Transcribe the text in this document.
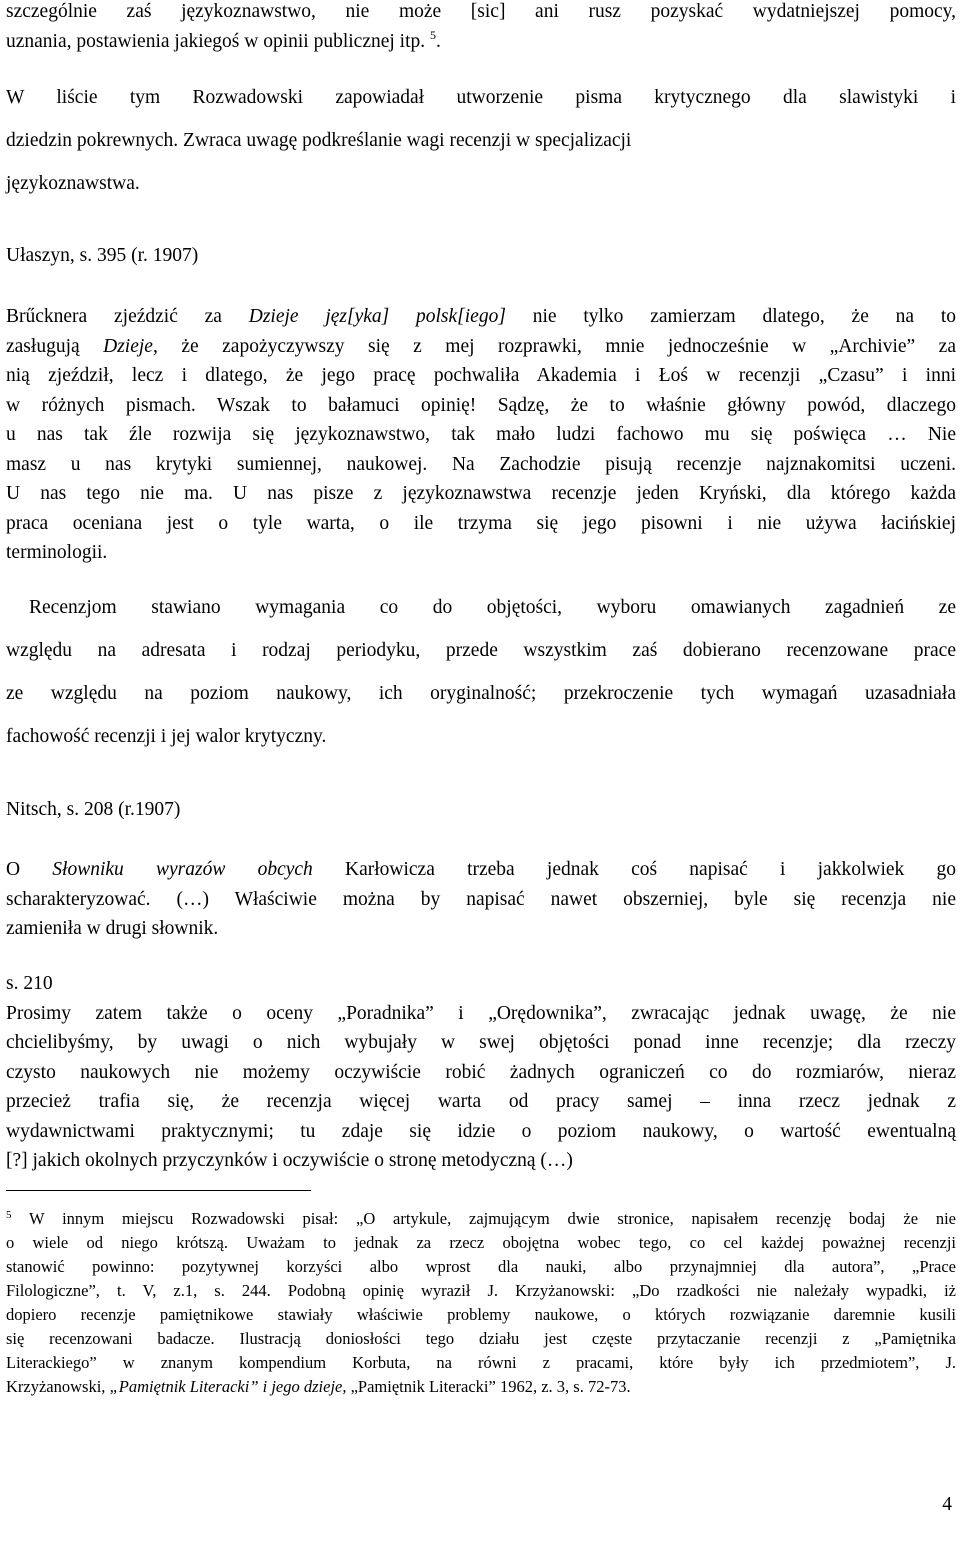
szczególnie zaś językoznawstwo, nie może [sic] ani rusz pozyskać wydatniejszej pomocy,
uznania, postawienia jakiegoś w opinii publicznej itp. $^5$.

W liście tym Rozwadowski zapowiadał utworzenie pisma krytycznego dla slawistyki i
dziedzin pokrewnych. Zwraca uwagę podkreślanie wagi recenzji w specjalizacji
językoznawstwa.

Ułaszyn, s. 395 (r. 1907)

Brűcknera zjeździć za Dzieje jęz[yka] polsk[iego] nie tylko zamierzam dlatego, że na to
zasługują Dzieje, że zapożyczywszy się z mej rozprawki, mnie jednocześnie w „Archivie” za
nią zjeździł, lecz i dlatego, że jego pracę pochwaliła Akademia i Łoś w recenzji „Czasu” i inni
w różnych pismach. Wszak to bałamuci opinię! Sądzę, że to właśnie główny powód, dlaczego
u nas tak źle rozwija się językoznawstwo, tak mało ludzi fachowo mu się poświęca … Nie
masz u nas krytyki sumiennej, naukowej. Na Zachodzie pisują recenzje najznakomitsi uczeni.
U nas tego nie ma. U nas pisze z językoznawstwa recenzje jeden Kryński, dla którego każda
praca oceniana jest o tyle warta, o ile trzyma się jego pisowni i nie używa łacińskiej
terminologii.

Recenzjom stawiano wymagania co do objętości, wyboru omawianych zagadnień ze
względu na adresata i rodzaj periodyku, przede wszystkim zaś dobierano recenzowane prace
ze względu na poziom naukowy, ich oryginalność; przekroczenie tych wymagań uzasadniała
fachowość recenzji i jej walor krytyczny.

Nitsch, s. 208 (r.1907)

O Słowniku wyrazów obcych Karłowicza trzeba jednak coś napisać i jakkolwiek go
scharakteryzować. (…) Właściwie można by napisać nawet obszerniej, byle się recenzja nie
zamieniła w drugi słownik.

s. 210
Prosimy zatem także o oceny „Poradnika” i „Orędownika”, zwracając jednak uwagę, że nie
chcielibyśmy, by uwagi o nich wybujały w swej objętości ponad inne recenzje; dla rzeczy
czysto naukowych nie możemy oczywiście robić żadnych ograniczeń co do rozmiarów, nieraz
przecież trafia się, że recenzja więcej warta od pracy samej – inna rzecz jednak z
wydawnictwami praktycznymi; tu zdaje się idzie o poziom naukowy, o wartość ewentualną
[?] jakich okolnych przyczynków i oczywiście o stronę metodyczną (…)

$^5$ W innym miejscu Rozwadowski pisał: „O artykule, zajmującym dwie stronice, napisałem recenzję bodaj że nie
o wiele od niego krótszą. Uważam to jednak za rzecz obojętna wobec tego, co cel każdej poważnej recenzji
stanowić powinno: pozytywnej korzyści albo wprost dla nauki, albo przynajmniej dla autora”, „Prace
Filologiczne”, t. V, z.1, s. 244. Podobną opinię wyraził J. Krzyżanowski: „Do rzadkości nie należały wypadki, iż
dopiero recenzje pamiętnikowe stawiały właściwie problemy naukowe, o których rozwiązanie daremnie kusili
się recenzowani badacze. Ilustracją doniosłości tego działu jest częste przytaczanie recenzji z „Pamiętnika
Literackiego” w znanym kompendium Korbuta, na równi z pracami, które były ich przedmiotem”, J.
Krzyżanowski, „Pamiętnik Literacki” i jego dzieje, „Pamiętnik Literacki” 1962, z. 3, s. 72-73.

4
